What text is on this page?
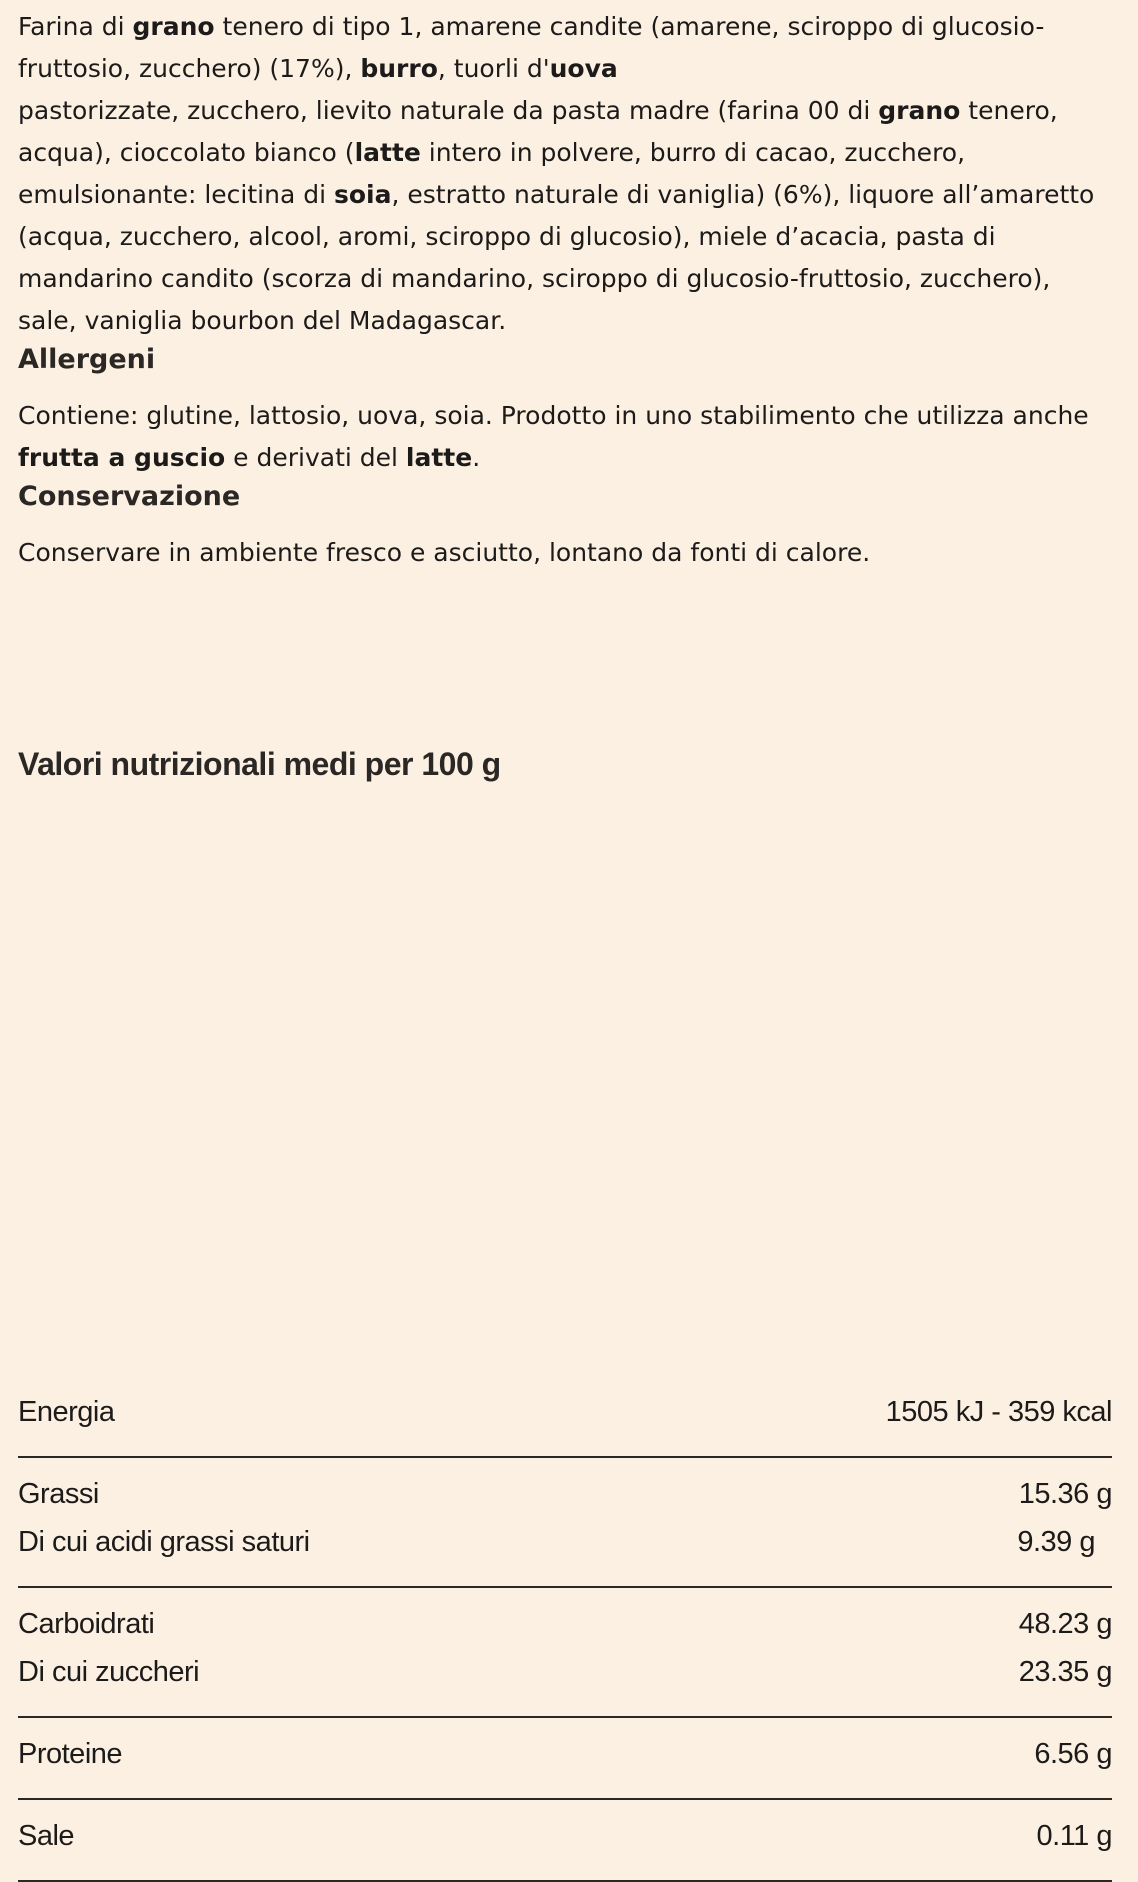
Farina di grano tenero di tipo 1, amarene candite (amarene, sciroppo di glucosio-fruttosio, zucchero) (17%), burro, tuorli d'uova
pastorizzate, zucchero, lievito naturale da pasta madre (farina 00 di grano tenero, acqua), cioccolato bianco (latte intero in polvere, burro di cacao, zucchero, emulsionante: lecitina di soia, estratto naturale di vaniglia) (6%), liquore all’amaretto (acqua, zucchero, alcool, aromi, sciroppo di glucosio), miele d’acacia, pasta di mandarino candito (scorza di mandarino, sciroppo di glucosio-fruttosio, zucchero), sale, vaniglia bourbon del Madagascar.

Allergeni

Contiene: glutine, lattosio, uova, soia. Prodotto in uno stabilimento che utilizza anche frutta a guscio e derivati del latte.

Conservazione

Conservare in ambiente fresco e asciutto, lontano da fonti di calore.

Valori nutrizionali medi per 100 g
Energia	1505 kJ - 359 kcal
Grassi	15.36 g
Di cui acidi grassi saturi	9.39 g
Carboidrati	48.23 g
Di cui zuccheri	23.35 g
Proteine	6.56 g
Sale	0.11 g
